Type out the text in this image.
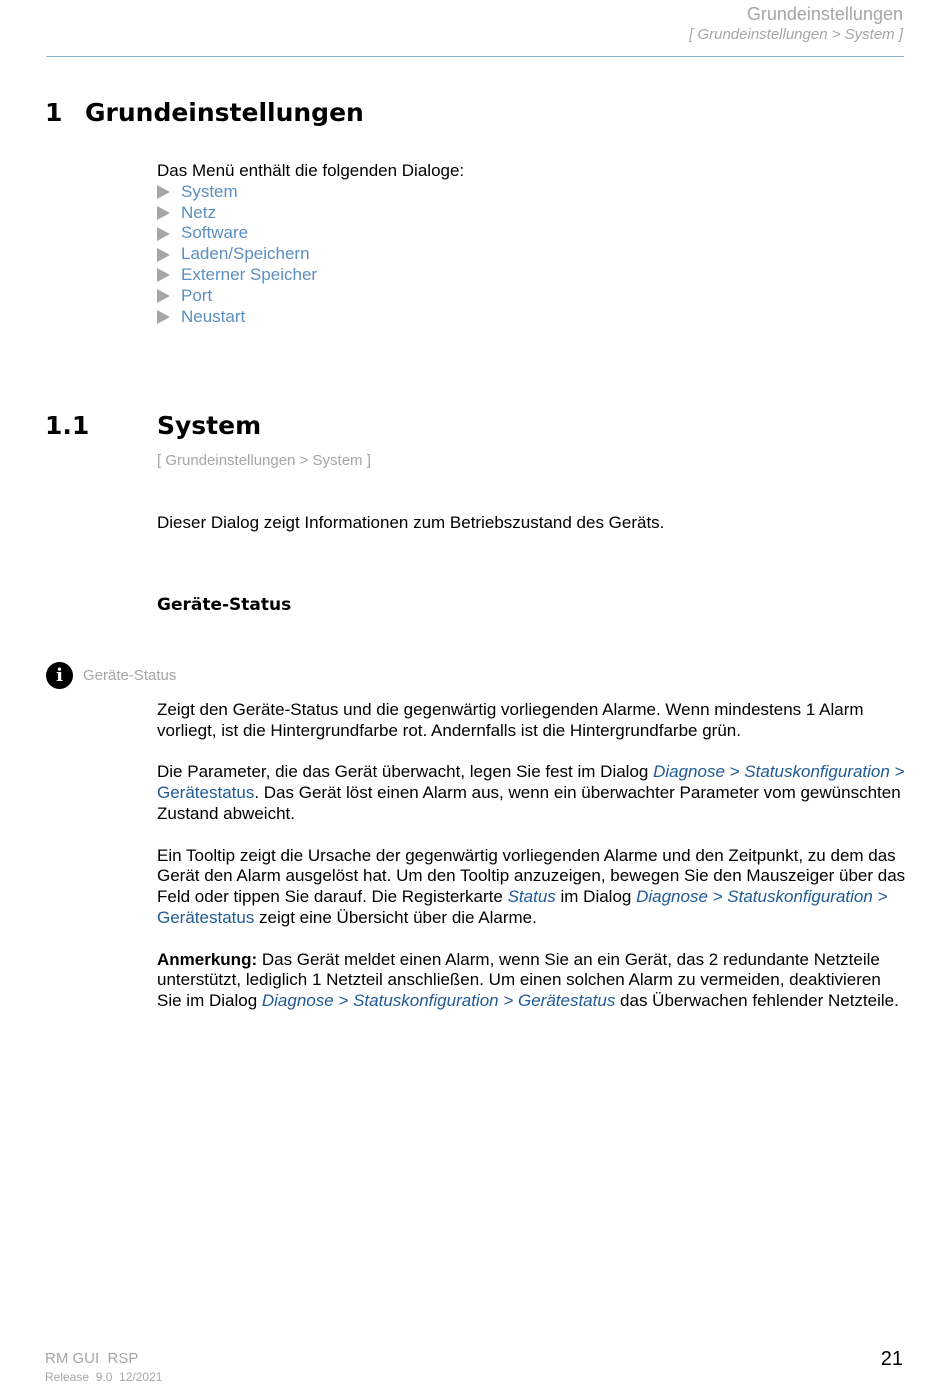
Grundeinstellungen
[ Grundeinstellungen > System ]
1 Grundeinstellungen
Das Menü enthält die folgenden Dialoge:
System
Netz
Software
Laden/Speichern
Externer Speicher
Port
Neustart
1.1	System
[ Grundeinstellungen > System ]
Dieser Dialog zeigt Informationen zum Betriebszustand des Geräts.
Geräte-Status
i	Geräte-Status

Zeigt den Geräte-Status und die gegenwärtig vorliegenden Alarme. Wenn mindestens 1 Alarm vorliegt, ist die Hintergrundfarbe rot. Andernfalls ist die Hintergrundfarbe grün.

Die Parameter, die das Gerät überwacht, legen Sie fest im Dialog Diagnose > Statuskonfiguration >
Gerätestatus. Das Gerät löst einen Alarm aus, wenn ein überwachter Parameter vom gewünschten Zustand abweicht.

Ein Tooltip zeigt die Ursache der gegenwärtig vorliegenden Alarme und den Zeitpunkt, zu dem das Gerät den Alarm ausgelöst hat. Um den Tooltip anzuzeigen, bewegen Sie den Mauszeiger über das Feld oder tippen Sie darauf. Die Registerkarte Status im Dialog Diagnose > Statuskonfiguration >
Gerätestatus zeigt eine Übersicht über die Alarme.

Anmerkung: Das Gerät meldet einen Alarm, wenn Sie an ein Gerät, das 2 redundante Netzteile unterstützt, lediglich 1 Netzteil anschließen. Um einen solchen Alarm zu vermeiden, deaktivieren Sie im Dialog Diagnose > Statuskonfiguration > Gerätestatus das Überwachen fehlender Netzteile.

RM GUI  RSP
Release  9.0  12/2021
21
